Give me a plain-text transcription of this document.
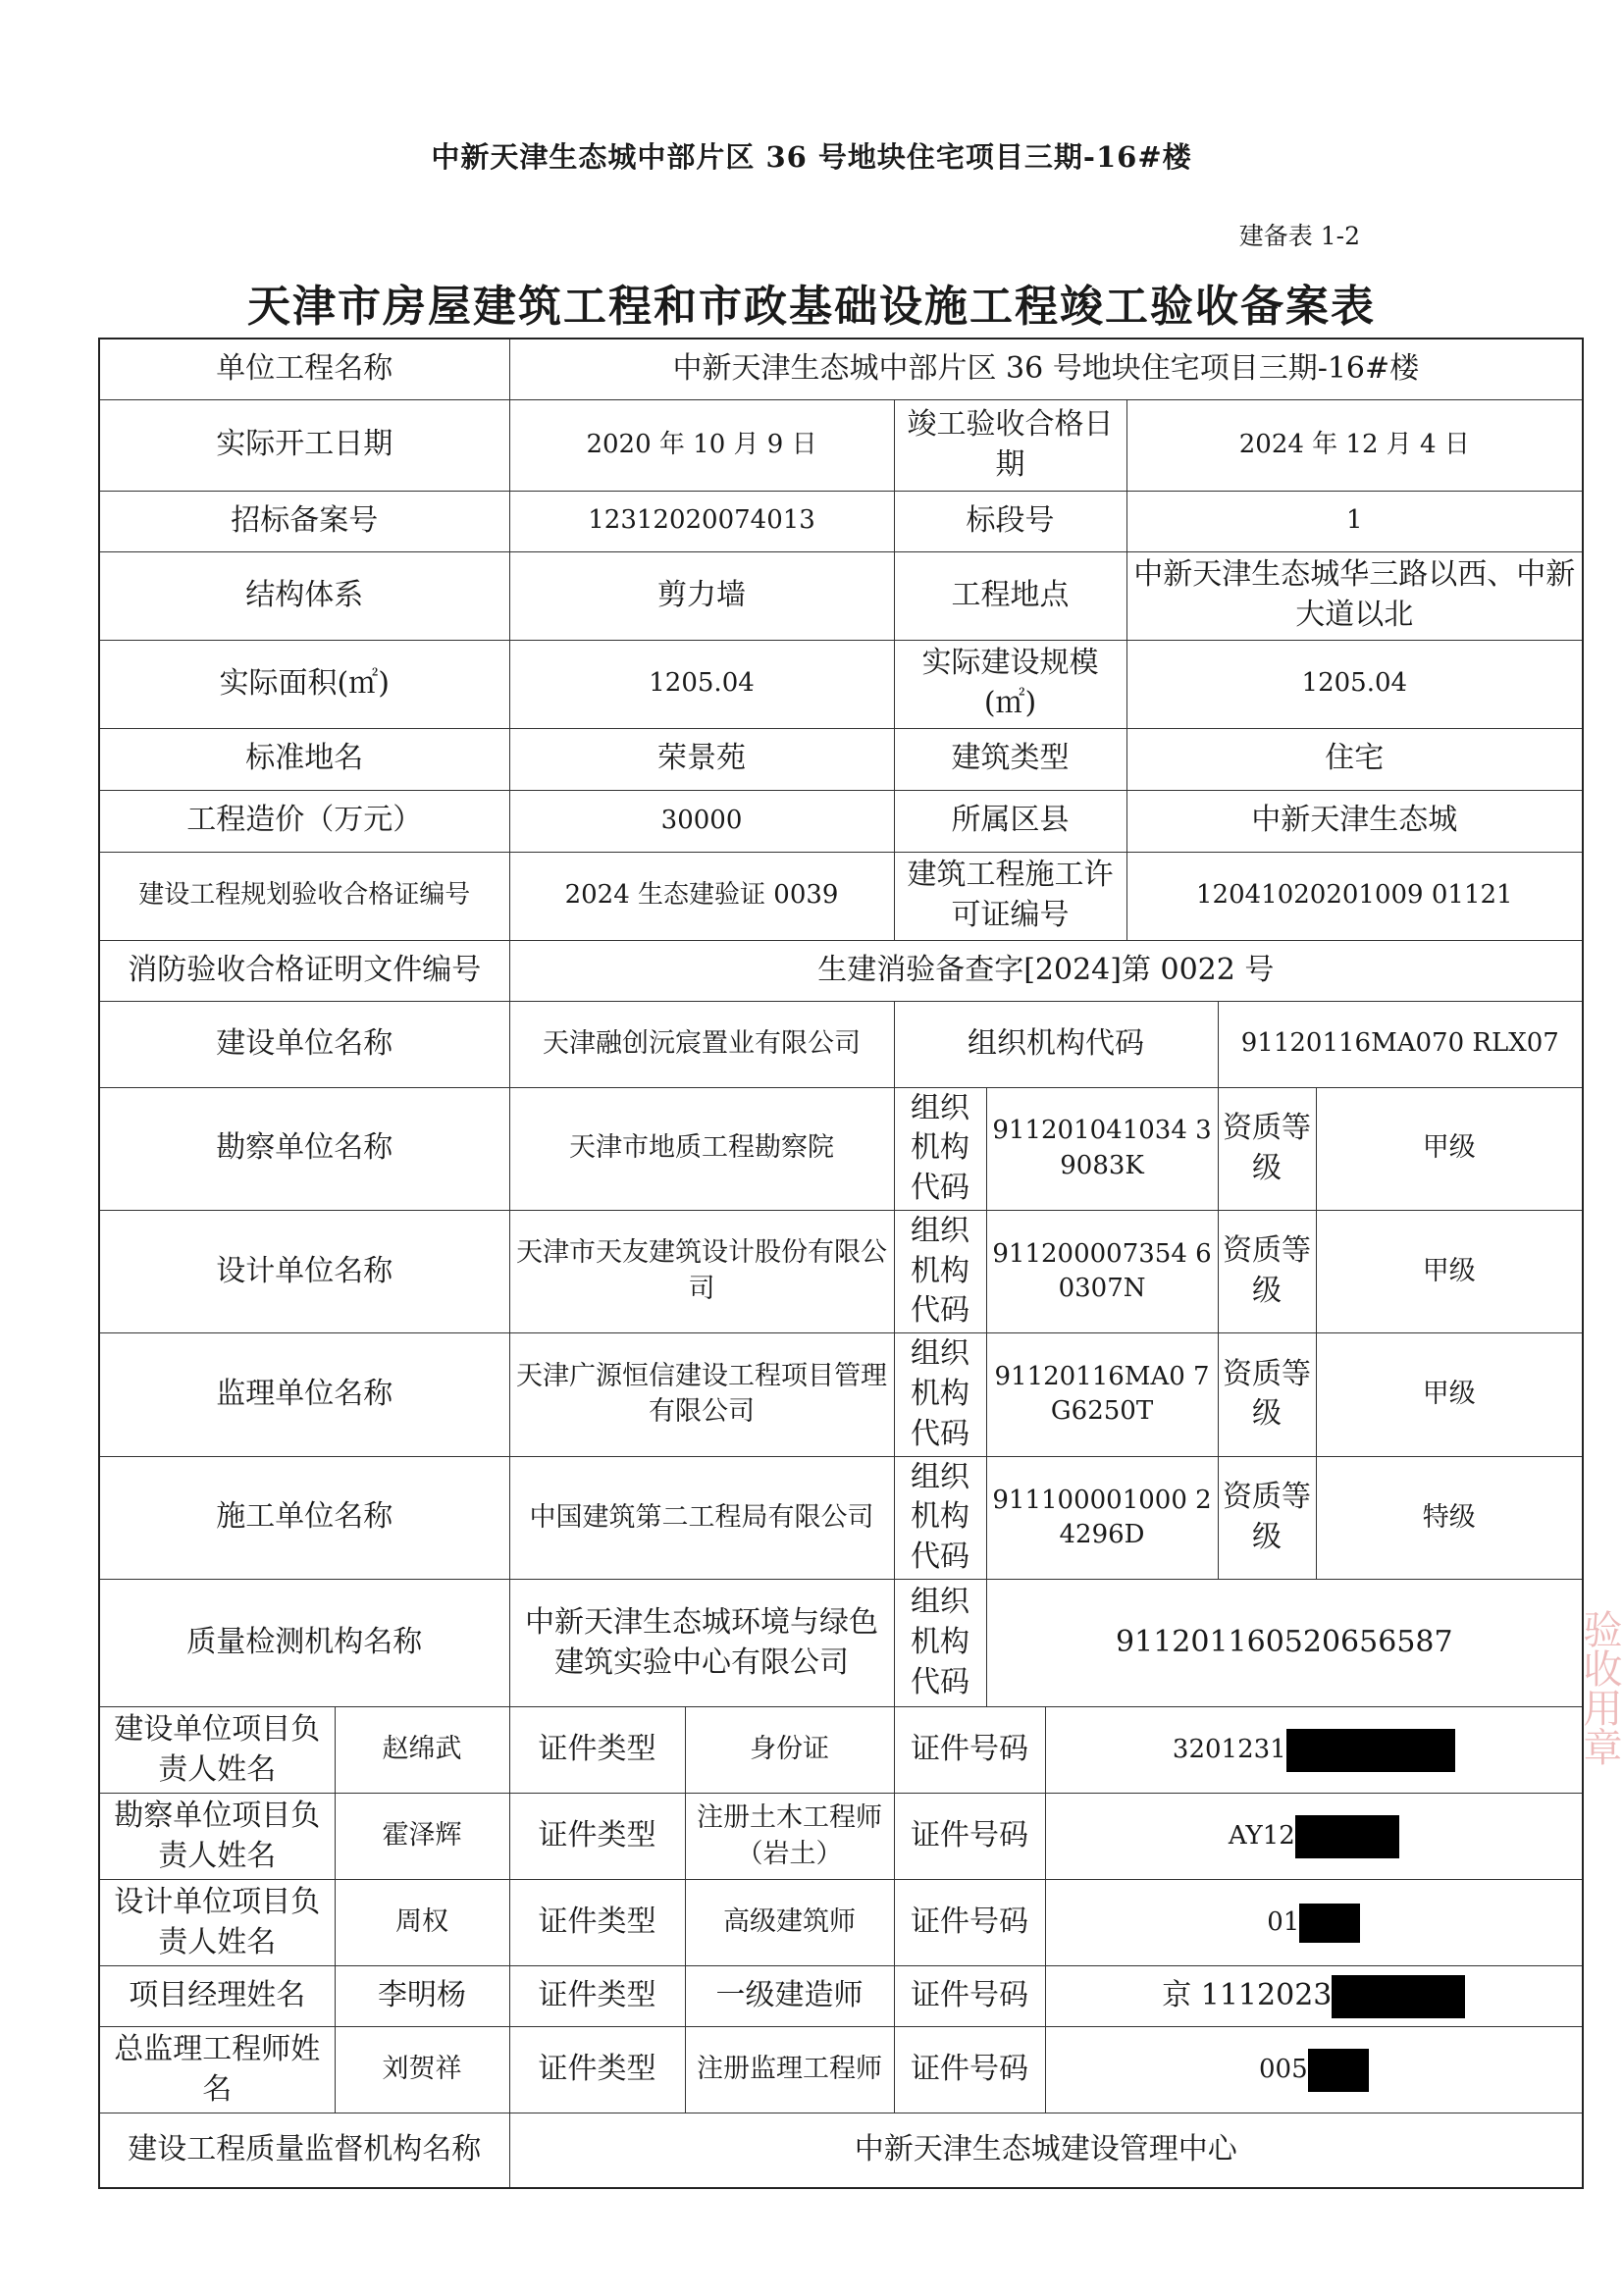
中新天津生态城中部片区 36 号地块住宅项目三期-16#楼
建备表 1-2
天津市房屋建筑工程和市政基础设施工程竣工验收备案表
单位工程名称		中新天津生态城中部片区 36 号地块住宅项目三期-16#楼							
实际开工日期		2020 年 10 月 9 日		竣工验收合格日期			2024 年 12 月 4 日		
招标备案号		12312020074013		标段号			1		
结构体系		剪力墙		工程地点			中新天津生态城华三路以西、中新大道以北		
实际面积(㎡)		1205.04		实际建设规模(㎡)			1205.04		
标准地名		荣景苑		建筑类型			住宅		
工程造价（万元）		30000		所属区县			中新天津生态城		
建设工程规划验收合格证编号		2024 生态建验证 0039		建筑工程施工许可证编号			12041020201009 01121		
消防验收合格证明文件编号		生建消验备查字[2024]第 0022 号							
建设单位名称		天津融创沅宸置业有限公司		组织机构代码				91120116MA070 RLX07	
勘察单位名称		天津市地质工程勘察院		组织机构代码	911201041034 39083K			资质等级	甲级
设计单位名称		天津市天友建筑设计股份有限公司		组织机构代码	911200007354 60307N			资质等级	甲级
监理单位名称		天津广源恒信建设工程项目管理有限公司		组织机构代码	91120116MA0 7G6250T			资质等级	甲级
施工单位名称		中国建筑第二工程局有限公司		组织机构代码	911100001000 24296D			资质等级	特级
质量检测机构名称		中新天津生态城环境与绿色建筑实验中心有限公司		组织机构代码	911201160520656587				
建设单位项目负责人姓名	赵绵武	证件类型	身份证	证件号码		3201231			
勘察单位项目负责人姓名	霍泽辉	证件类型	注册土木工程师（岩土）	证件号码		AY12			
设计单位项目负责人姓名	周权	证件类型	高级建筑师	证件号码		01			
项目经理姓名	李明杨	证件类型	一级建造师	证件号码		京 1112023			
总监理工程师姓名	刘贺祥	证件类型	注册监理工程师	证件号码		005			
建设工程质量监督机构名称		中新天津生态城建设管理中心							
验收用章
